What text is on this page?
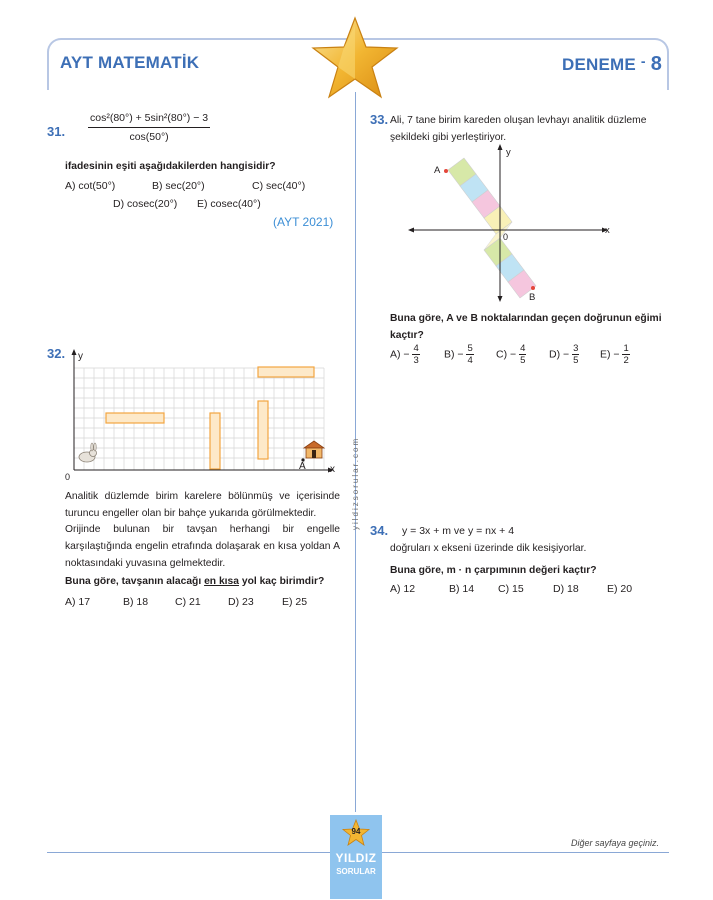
AYT MATEMATİK	DENEME - 8
yildizsorular.com
31. $\frac{\text{cos²(80°) + 5sin²(80°) − 3}}{\cos(50^\circ)}$
ifadesinin eşiti aşağıdakilerden hangisidir?
A) cot(50°)	B) sec(20°)	C) sec(40°)
D) cosec(20°) E) cosec(40°)
(AYT 2021)
32. y
x
0
A
Analitik düzlemde birim karelere bölünmüş ve içerisinde turuncu engeller olan bir bahçe yukarıda görülmektedir.
Orijinde bulunan bir tavşan herhangi bir engelle karşılaştığında engelin etrafında dolaşarak en kısa yoldan A noktasındaki yuvasına gelmektedir.
Buna göre, tavşanın alacağı en kısa yol kaç birimdir?
A) 17	B) 18	C) 21	D) 23	E) 25
33. Ali, 7 tane birim kareden oluşan levhayı analitik düzleme şekildeki gibi yerleştiriyor.
y
x
0
A
B
Buna göre, A ve B noktalarından geçen doğrunun eğimi kaçtır?
$A) - \frac{4}{3} B) - \frac{5}{4} C) - \frac{4}{5} D) - \frac{3}{5} E) - \frac{1}{2}$
34. y = 3x + m ve y = nx + 4
doğruları x ekseni üzerinde dik kesişiyorlar.
Buna göre, m · n çarpımının değeri kaçtır?
A) 12	B) 14 C) 15	D) 18	E) 20
94
YILDIZ
SORULAR
Diğer sayfaya geçiniz.
